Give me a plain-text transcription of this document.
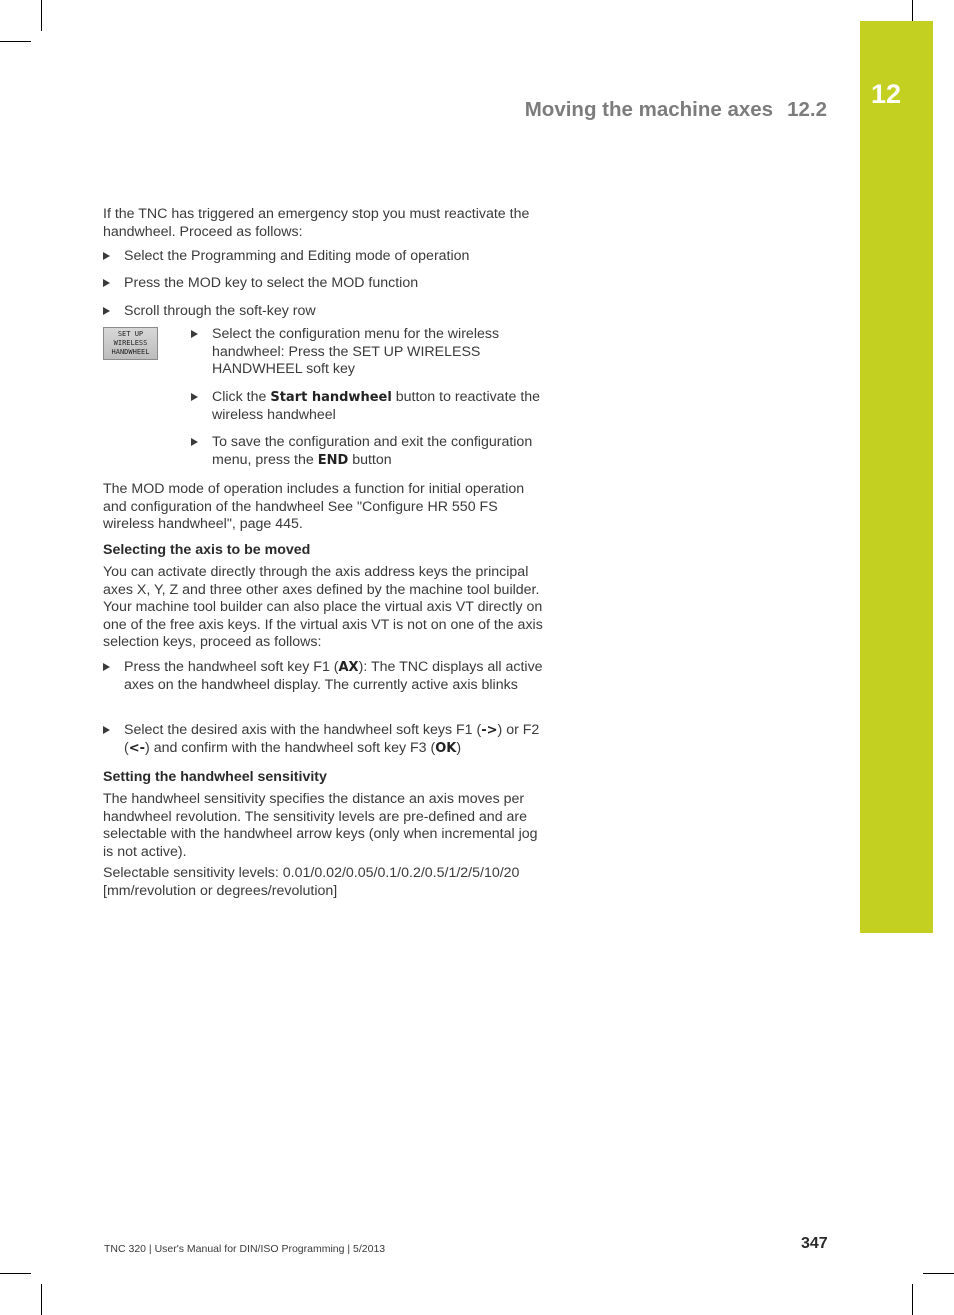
12
Moving the machine axes 12.2

If the TNC has triggered an emergency stop you must reactivate the handwheel. Proceed as follows:

Select the Programming and Editing mode of operation
Press the MOD key to select the MOD function
Scroll through the soft-key row
SET UP
WIRELESS
HANDWHEEL
Select the configuration menu for the wireless handwheel: Press the SET UP WIRELESS HANDWHEEL soft key
Click the Start handwheel button to reactivate the wireless handwheel
To save the configuration and exit the configuration menu, press the END button

The MOD mode of operation includes a function for initial operation and configuration of the handwheel See "Configure HR 550 FS wireless handwheel", page 445.

Selecting the axis to be moved

You can activate directly through the axis address keys the principal axes X, Y, Z and three other axes defined by the machine tool builder. Your machine tool builder can also place the virtual axis VT directly on one of the free axis keys. If the virtual axis VT is not on one of the axis selection keys, proceed as follows:

Press the handwheel soft key F1 (AX): The TNC displays all active axes on the handwheel display. The currently active axis blinks
Select the desired axis with the handwheel soft keys F1 (->) or F2 (<-) and confirm with the handwheel soft key F3 (OK)

Setting the handwheel sensitivity

The handwheel sensitivity specifies the distance an axis moves per handwheel revolution. The sensitivity levels are pre-defined and are selectable with the handwheel arrow keys (only when incremental jog is not active).

Selectable sensitivity levels: 0.01/0.02/0.05/0.1/0.2/0.5/1/2/5/10/20 [mm/revolution or degrees/revolution]

TNC 320 | User's Manual for DIN/ISO Programming | 5/2013	347
